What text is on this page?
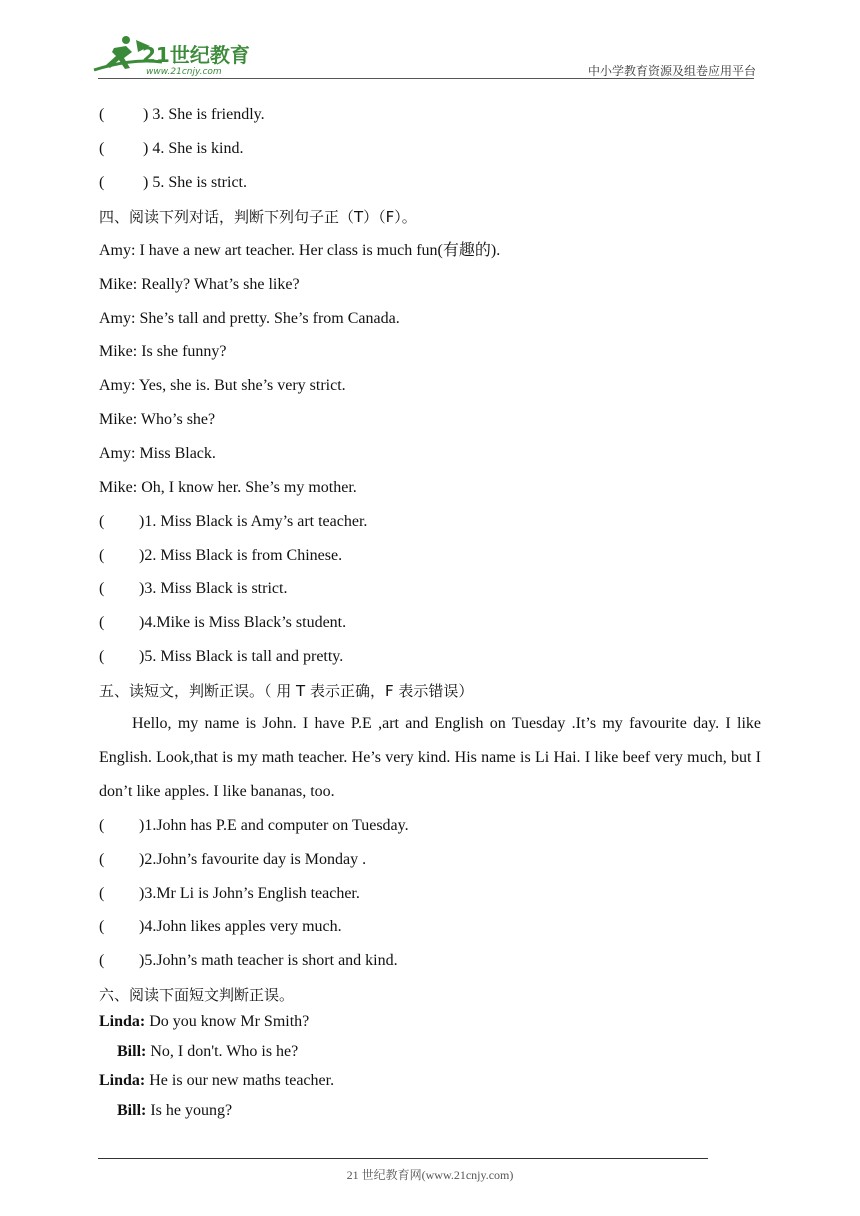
21世纪教育
www.21cnjy.com	中小学教育资源及组卷应用平台
( ) 3. She is friendly.
( ) 4. She is kind.
( ) 5. She is strict.
四、阅读下列对话，判断下列句子正（T）（F）。
Amy: I have a new art teacher. Her class is much fun(有趣的).
Mike: Really? What’s she like?
Amy: She’s tall and pretty. She’s from Canada.
Mike: Is she funny?
Amy: Yes, she is. But she’s very strict.
Mike: Who’s she?
Amy: Miss Black.
Mike: Oh, I know her. She’s my mother.
( )1. Miss Black is Amy’s art teacher.
( )2. Miss Black is from Chinese.
( )3. Miss Black is strict.
( )4.Mike is Miss Black’s student.
( )5. Miss Black is tall and pretty.
五、读短文，判断正误。（ 用 T 表示正确，F 表示错误）
Hello, my name is John. I have P.E ,art and English on Tuesday .It’s my favourite day. I like English. Look,that is my math teacher. He’s very kind. His name is Li Hai. I like beef very much, but I don’t like apples. I like bananas, too.
( )1.John has P.E and computer on Tuesday.
( )2.John’s favourite day is Monday .
( )3.Mr Li is John’s English teacher.
( )4.John likes apples very much.
( )5.John’s math teacher is short and kind.
六、阅读下面短文判断正误。
Linda: Do you know Mr Smith?
Bill: No, I don't. Who is he?
Linda: He is our new maths teacher.
Bill: Is he young?
21 世纪教育网(www.21cnjy.com)
